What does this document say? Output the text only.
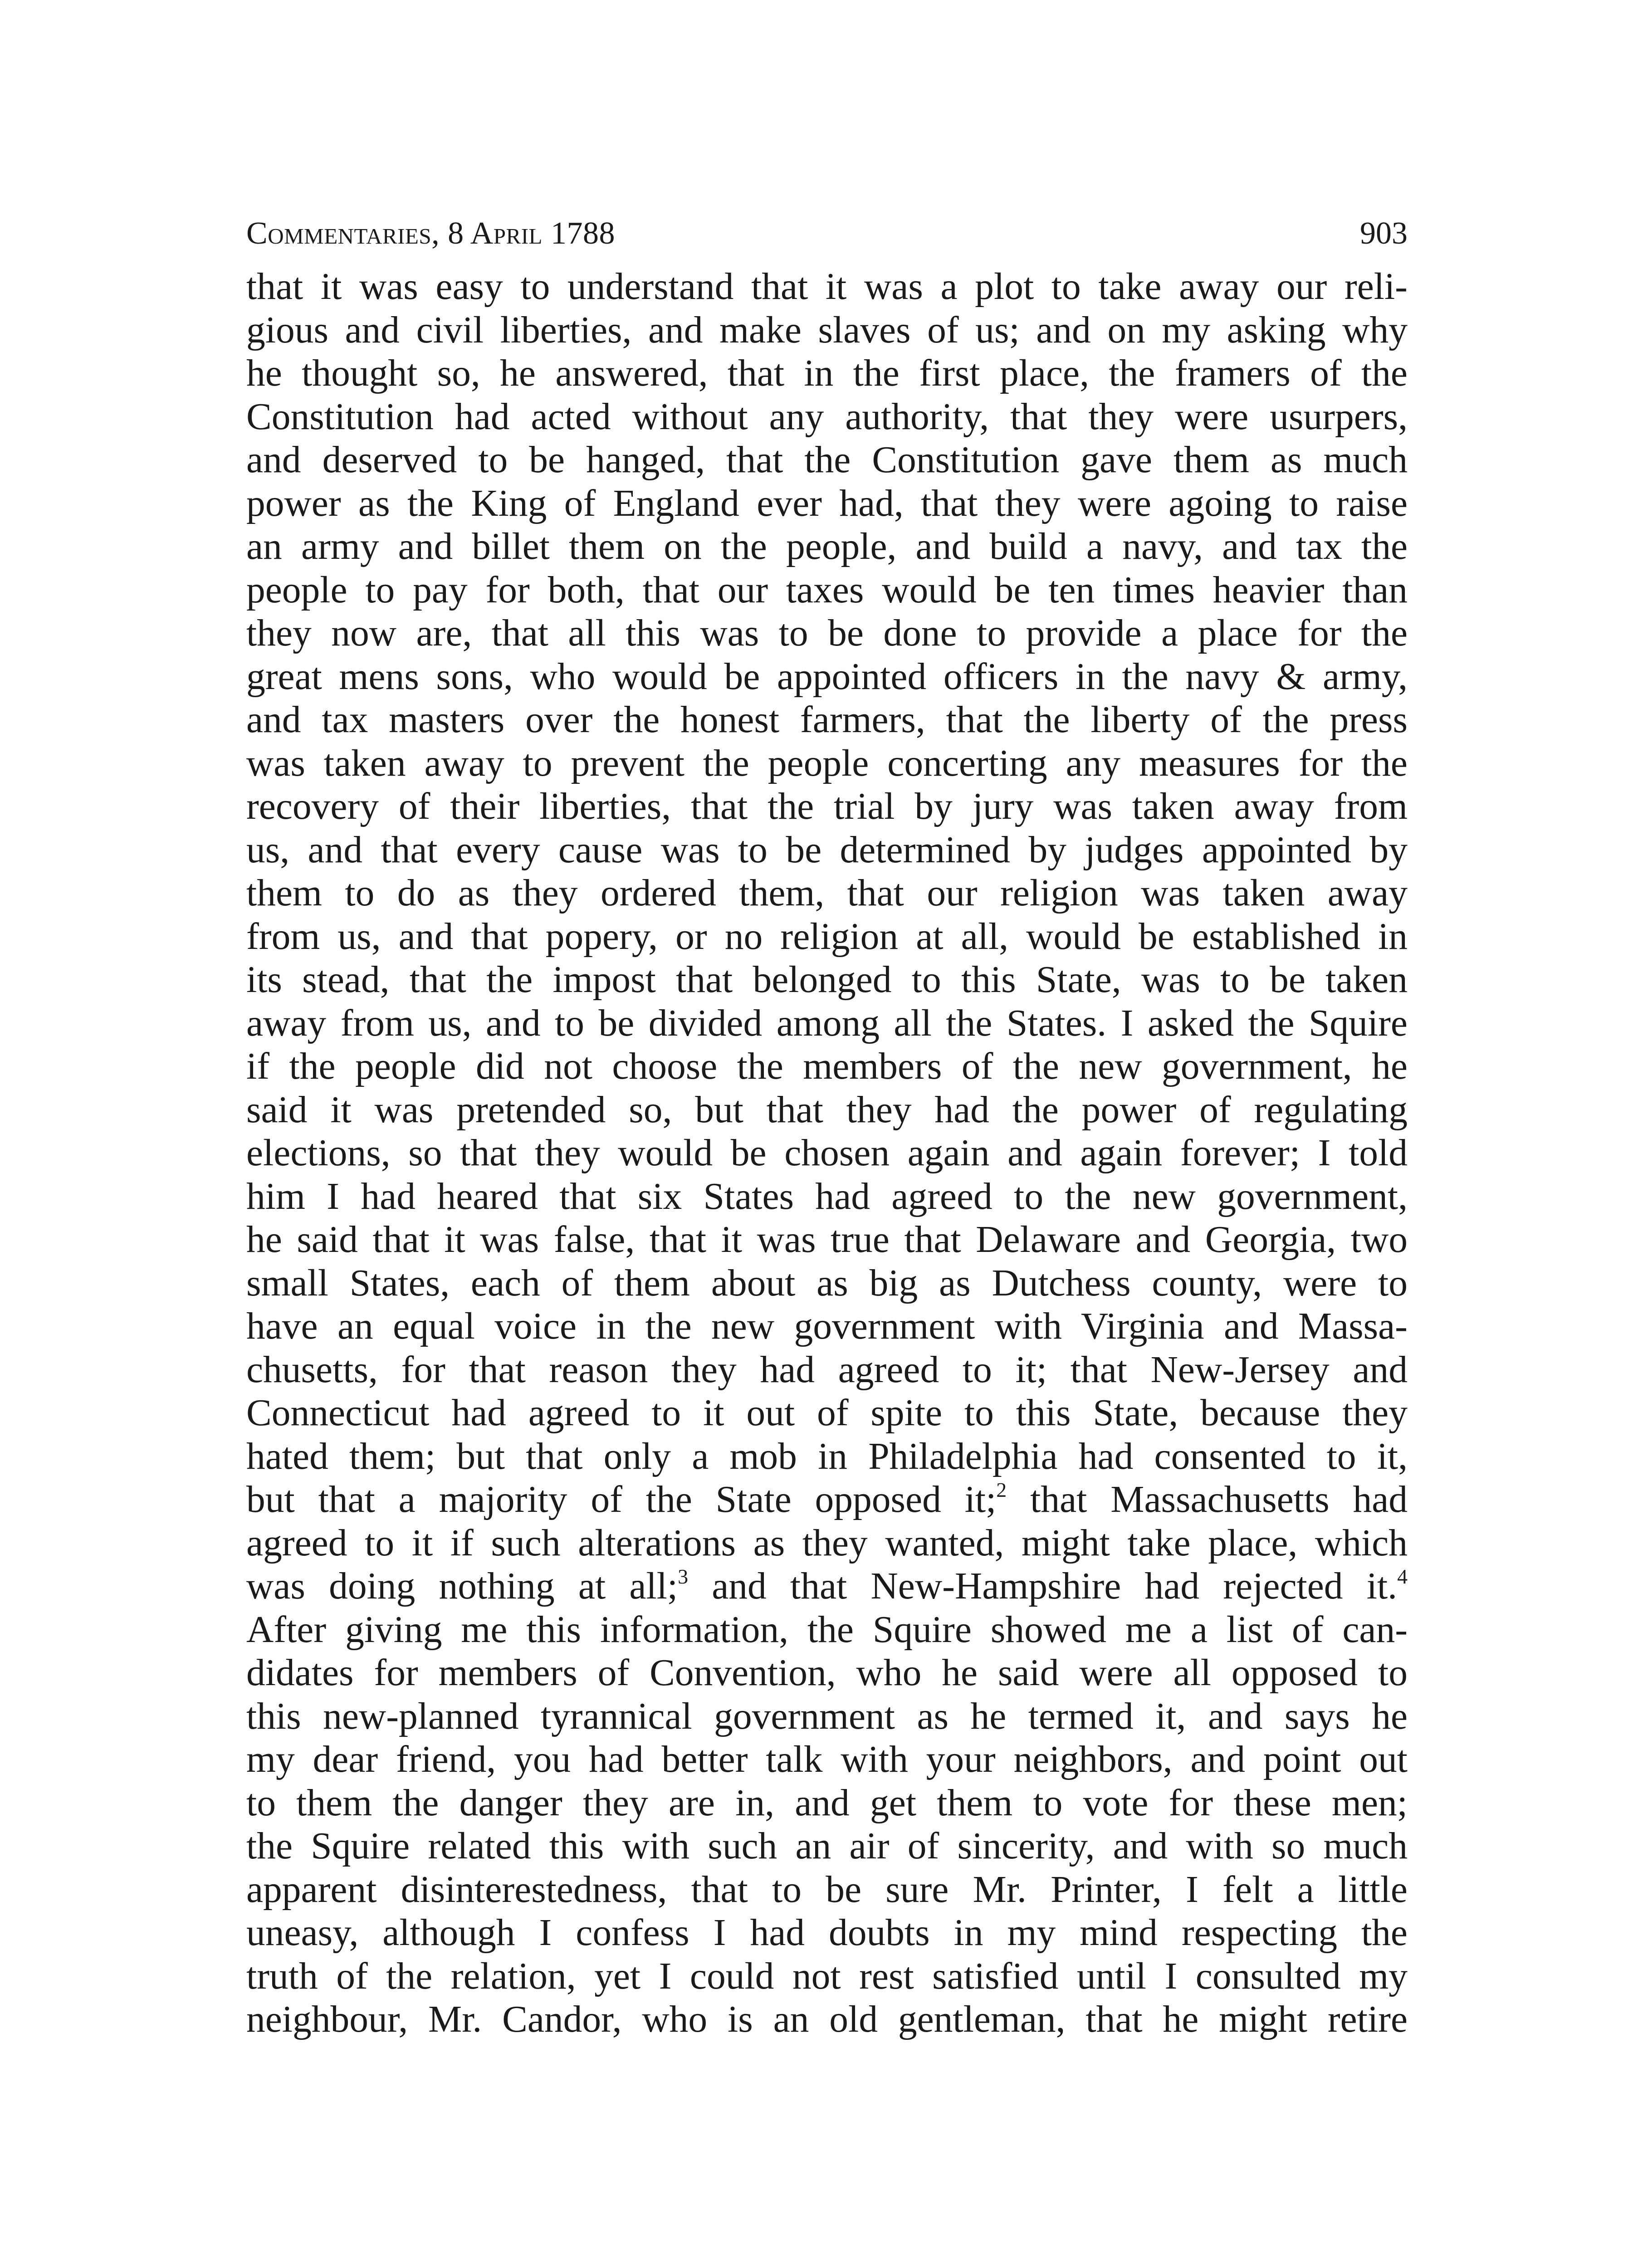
Commentaries, 8 April 1788	903
that it was easy to understand that it was a plot to take away our reli-
gious and civil liberties, and make slaves of us; and on my asking why
he thought so, he answered, that in the first place, the framers of the
Constitution had acted without any authority, that they were usurpers,
and deserved to be hanged, that the Constitution gave them as much
power as the King of England ever had, that they were agoing to raise
an army and billet them on the people, and build a navy, and tax the
people to pay for both, that our taxes would be ten times heavier than
they now are, that all this was to be done to provide a place for the
great mens sons, who would be appointed officers in the navy & army,
and tax masters over the honest farmers, that the liberty of the press
was taken away to prevent the people concerting any measures for the
recovery of their liberties, that the trial by jury was taken away from
us, and that every cause was to be determined by judges appointed by
them to do as they ordered them, that our religion was taken away
from us, and that popery, or no religion at all, would be established in
its stead, that the impost that belonged to this State, was to be taken
away from us, and to be divided among all the States. I asked the Squire
if the people did not choose the members of the new government, he
said it was pretended so, but that they had the power of regulating
elections, so that they would be chosen again and again forever; I told
him I had heared that six States had agreed to the new government,
he said that it was false, that it was true that Delaware and Georgia, two
small States, each of them about as big as Dutchess county, were to
have an equal voice in the new government with Virginia and Massa-
chusetts, for that reason they had agreed to it; that New-Jersey and
Connecticut had agreed to it out of spite to this State, because they
hated them; but that only a mob in Philadelphia had consented to it,
but that a majority of the State opposed it;$^2$ that Massachusetts had
agreed to it if such alterations as they wanted, might take place, which
was doing nothing at all;$^3$ and that New-Hampshire had rejected it.$^4$
After giving me this information, the Squire showed me a list of can-
didates for members of Convention, who he said were all opposed to
this new-planned tyrannical government as he termed it, and says he
my dear friend, you had better talk with your neighbors, and point out
to them the danger they are in, and get them to vote for these men;
the Squire related this with such an air of sincerity, and with so much
apparent disinterestedness, that to be sure Mr. Printer, I felt a little
uneasy, although I confess I had doubts in my mind respecting the
truth of the relation, yet I could not rest satisfied until I consulted my
neighbour, Mr. Candor, who is an old gentleman, that he might retire
